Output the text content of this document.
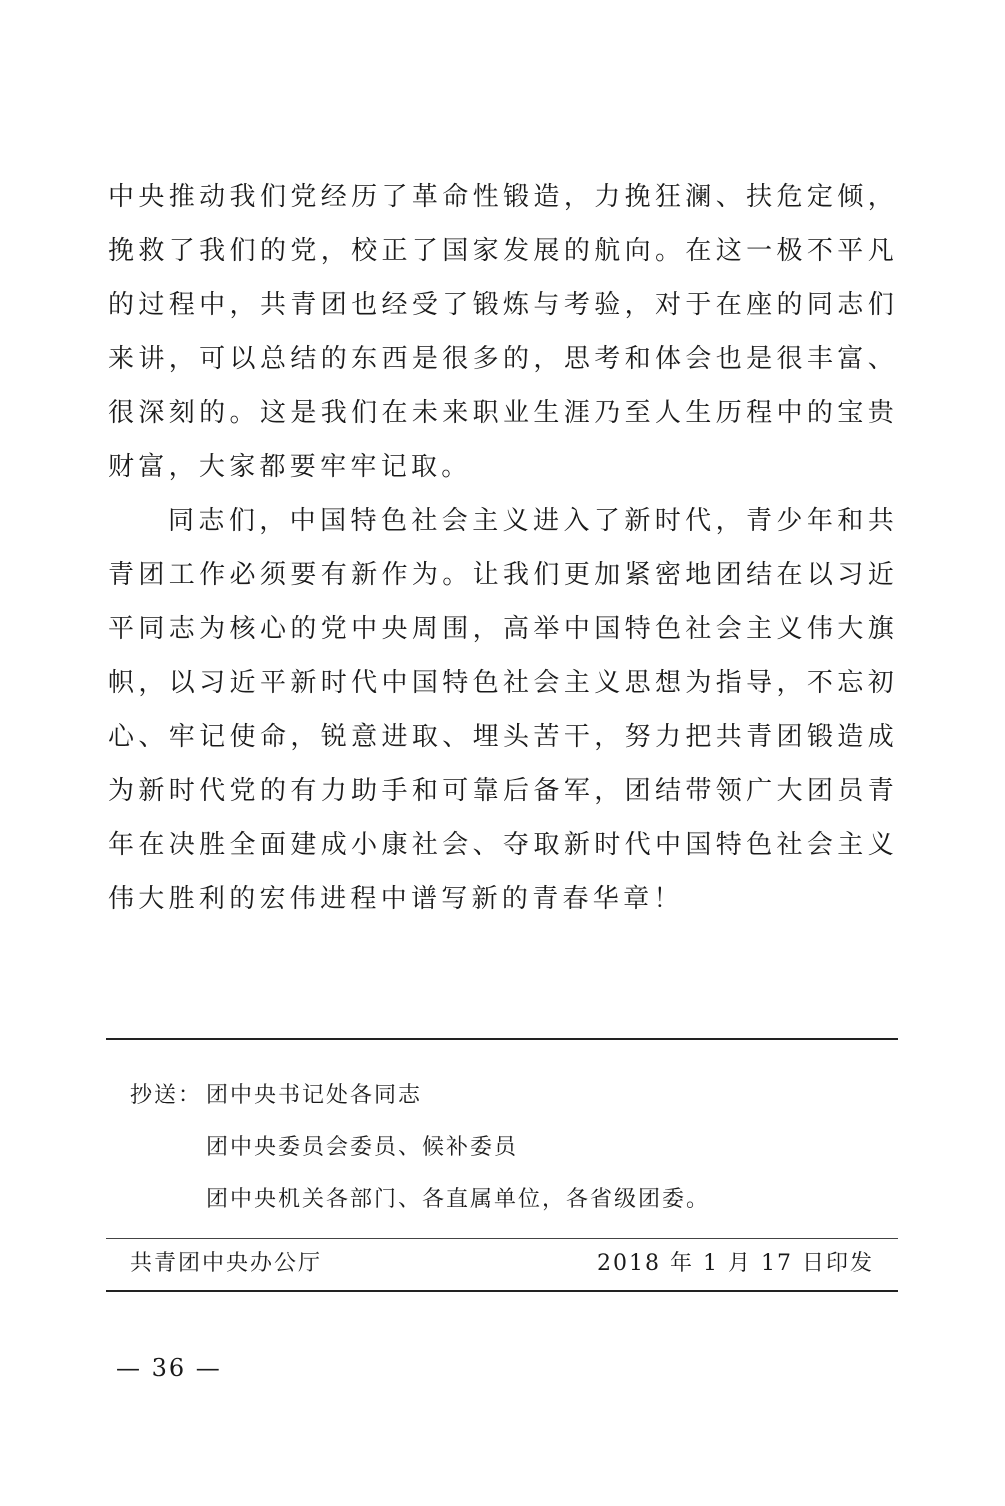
中央推动我们党经历了革命性锻造，力挽狂澜、扶危定倾，挽救了我们的党，校正了国家发展的航向。在这一极不平凡的过程中，共青团也经受了锻炼与考验，对于在座的同志们来讲，可以总结的东西是很多的，思考和体会也是很丰富、很深刻的。这是我们在未来职业生涯乃至人生历程中的宝贵财富，大家都要牢牢记取。

同志们，中国特色社会主义进入了新时代，青少年和共青团工作必须要有新作为。让我们更加紧密地团结在以习近平同志为核心的党中央周围，高举中国特色社会主义伟大旗帜，以习近平新时代中国特色社会主义思想为指导，不忘初心、牢记使命，锐意进取、埋头苦干，努力把共青团锻造成为新时代党的有力助手和可靠后备军，团结带领广大团员青年在决胜全面建成小康社会、夺取新时代中国特色社会主义伟大胜利的宏伟进程中谱写新的青春华章！

抄送： 团中央书记处各同志
团中央委员会委员、候补委员
团中央机关各部门、各直属单位，各省级团委。
共青团中央办公厅	2018 年 1 月 17 日印发
— 36 —
